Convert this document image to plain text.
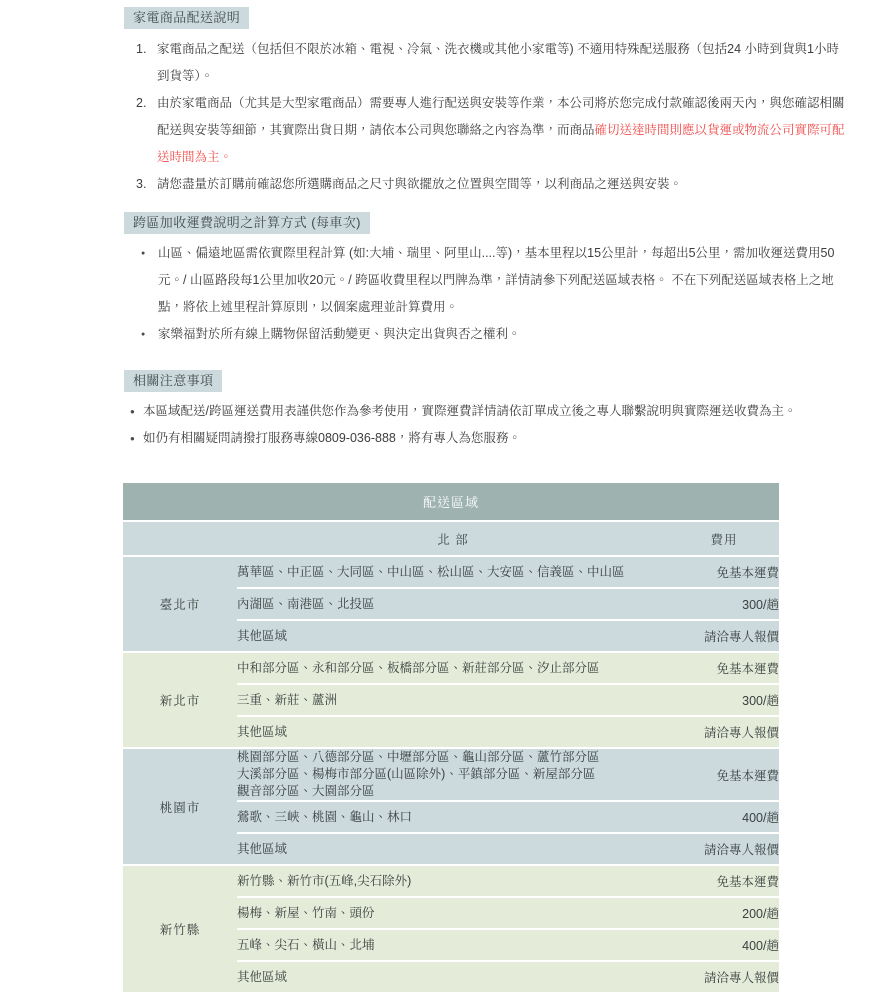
家電商品配送說明
家電商品之配送（包括但不限於冰箱、電視、冷氣、洗衣機或其他小家電等) 不適用特殊配送服務（包括24 小時到貨與1小時到貨等）。
由於家電商品（尤其是大型家電商品）需要專人進行配送與安裝等作業，本公司將於您完成付款確認後兩天內，與您確認相關配送與安裝等細節，其實際出貨日期，請依本公司與您聯絡之內容為準，而商品確切送達時間則應以貨運或物流公司實際可配送時間為主。
請您盡量於訂購前確認您所選購商品之尺寸與欲擺放之位置與空間等，以利商品之運送與安裝。
跨區加收運費說明之計算方式 (每車次)
● 山區、偏遠地區需依實際里程計算 (如:大埔、瑞里、阿里山....等)，基本里程以15公里計，每超出5公里，需加收運送費用50元。/ 山區路段每1公里加收20元。/ 跨區收費里程以門牌為準，詳情請參下列配送區域表格。 不在下列配送區域表格上之地點，將依上述里程計算原則，以個案處理並計算費用。
● 家樂福對於所有線上購物保留活動變更、與決定出貨與否之權利。
相關注意事項
● 本區域配送/跨區運送費用表謹供您作為參考使用，實際運費詳情請依訂單成立後之專人聯繫說明與實際運送收費為主。
● 如仍有相關疑問請撥打服務專線0809-036-888，將有專人為您服務。
配送區域		
	北 部	費用
臺北市	萬華區、中正區、大同區、中山區、松山區、大安區、信義區、中山區	免基本運費
	內湖區、南港區、北投區	300/趟
	其他區域	請洽專人報價
新北市	中和部分區、永和部分區、板橋部分區、新莊部分區、汐止部分區	免基本運費
	三重、新莊、蘆洲	300/趟
	其他區域	請洽專人報價
桃園市	桃園部分區、八德部分區、中壢部分區、龜山部分區、蘆竹部分區
大溪部分區、楊梅市部分區(山區除外)、平鎮部分區、新屋部分區
觀音部分區、大園部分區	免基本運費
	鶯歌、三峽、桃園、龜山、林口	400/趟
	其他區域	請洽專人報價
新竹縣	新竹縣、新竹市(五峰,尖石除外)	免基本運費
	楊梅、新屋、竹南、頭份	200/趟
	五峰、尖石、橫山、北埔	400/趟
	其他區域	請洽專人報價
